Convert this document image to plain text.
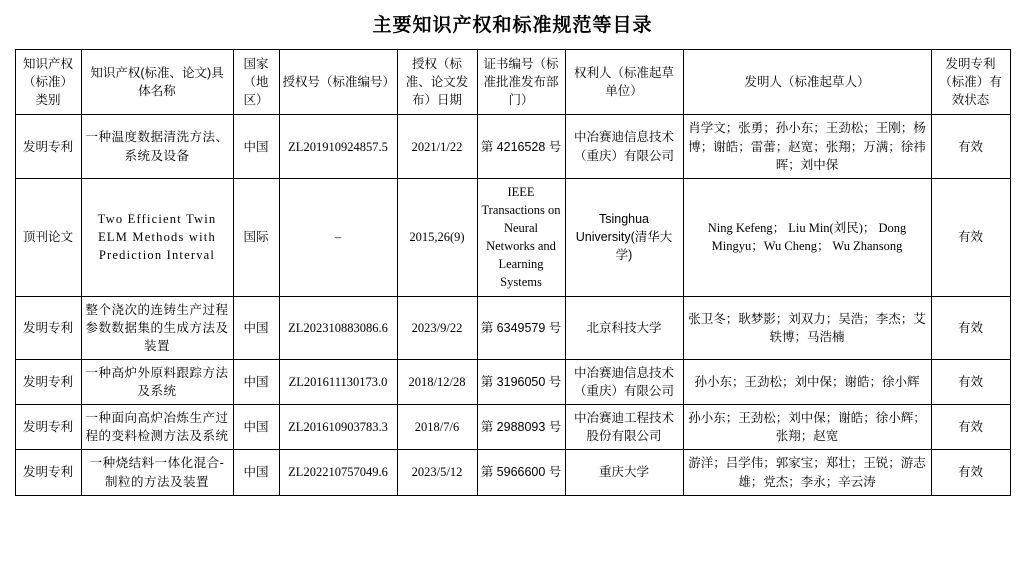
主要知识产权和标准规范等目录
知识产权（标准）类别	知识产权(标准、论文)具体名称	国家（地区）	授权号（标准编号）	授权（标准、论文发布）日期	证书编号（标准批准发布部门）	权利人（标准起草单位）	发明人（标准起草人）	发明专利（标准）有效状态
发明专利	一种温度数据清洗方法、系统及设备	中国	ZL201910924857.5	2021/1/22	第 4216528 号	中冶赛迪信息技术（重庆）有限公司	肖学文；张勇；孙小东；王劲松；王刚；杨博；谢皓；雷蕾；赵宽；张翔；万满；徐祎晖；刘中保	有效
顶刊论文	Two Efficient Twin ELM Methods with Prediction Interval	国际	–	2015,26(9)	IEEE Transactions on Neural Networks and Learning Systems	Tsinghua University(清华大学)	Ning Kefeng； Liu Min(刘民)； Dong Mingyu；Wu Cheng； Wu Zhansong	有效
发明专利	整个浇次的连铸生产过程参数数据集的生成方法及装置	中国	ZL202310883086.6	2023/9/22	第 6349579 号	北京科技大学	张卫冬；耿梦影；刘双力；吴浩；李杰；艾轶博；马浩楠	有效
发明专利	一种高炉外原料跟踪方法及系统	中国	ZL201611130173.0	2018/12/28	第 3196050 号	中冶赛迪信息技术（重庆）有限公司	孙小东；王劲松；刘中保；谢皓；徐小辉	有效
发明专利	一种面向高炉冶炼生产过程的变料检测方法及系统	中国	ZL201610903783.3	2018/7/6	第 2988093 号	中冶赛迪工程技术股份有限公司	孙小东；王劲松；刘中保；谢皓；徐小辉；张翔；赵宽	有效
发明专利	一种烧结料一体化混合-制粒的方法及装置	中国	ZL202210757049.6	2023/5/12	第 5966600 号	重庆大学	游洋；吕学伟；郭家宝；郑壮；王锐；游志雄；党杰；李永；辛云涛	有效
